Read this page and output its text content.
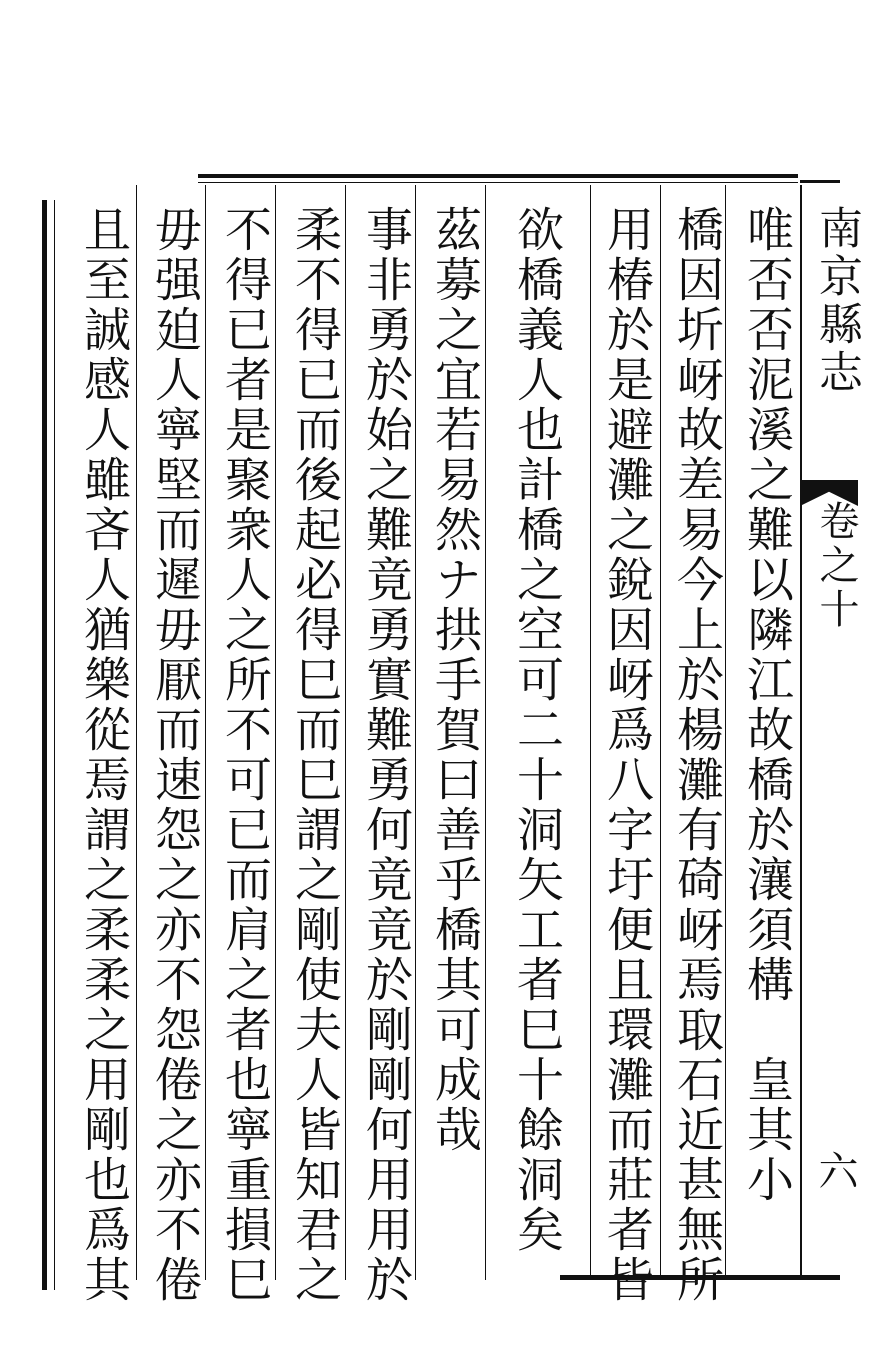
南京縣志
卷之十
六
唯否否泥溪之難以隣江故橋於瀼須構　皇其小
橋因圻岈故差易今上於楊灘有碕岈焉取石近甚無所
用椿於是避灘之銳因岈爲八字圩便且環灘而莊者皆
欲橋義人也計橋之空可二十洞矢工者巳十餘洞矣
茲募之宜若易然ナ拱手賀曰善乎橋其可成哉
事非勇於始之難竟勇實難勇何竟竟於剛剛何用用於
柔不得已而後起必得巳而巳謂之剛使夫人皆知君之
不得已者是聚衆人之所不可已而肩之者也寧重損巳
毋强廹人寧堅而遲毋厭而速怨之亦不怨倦之亦不倦
且至誠感人雖吝人猶樂從焉謂之柔柔之用剛也爲其
